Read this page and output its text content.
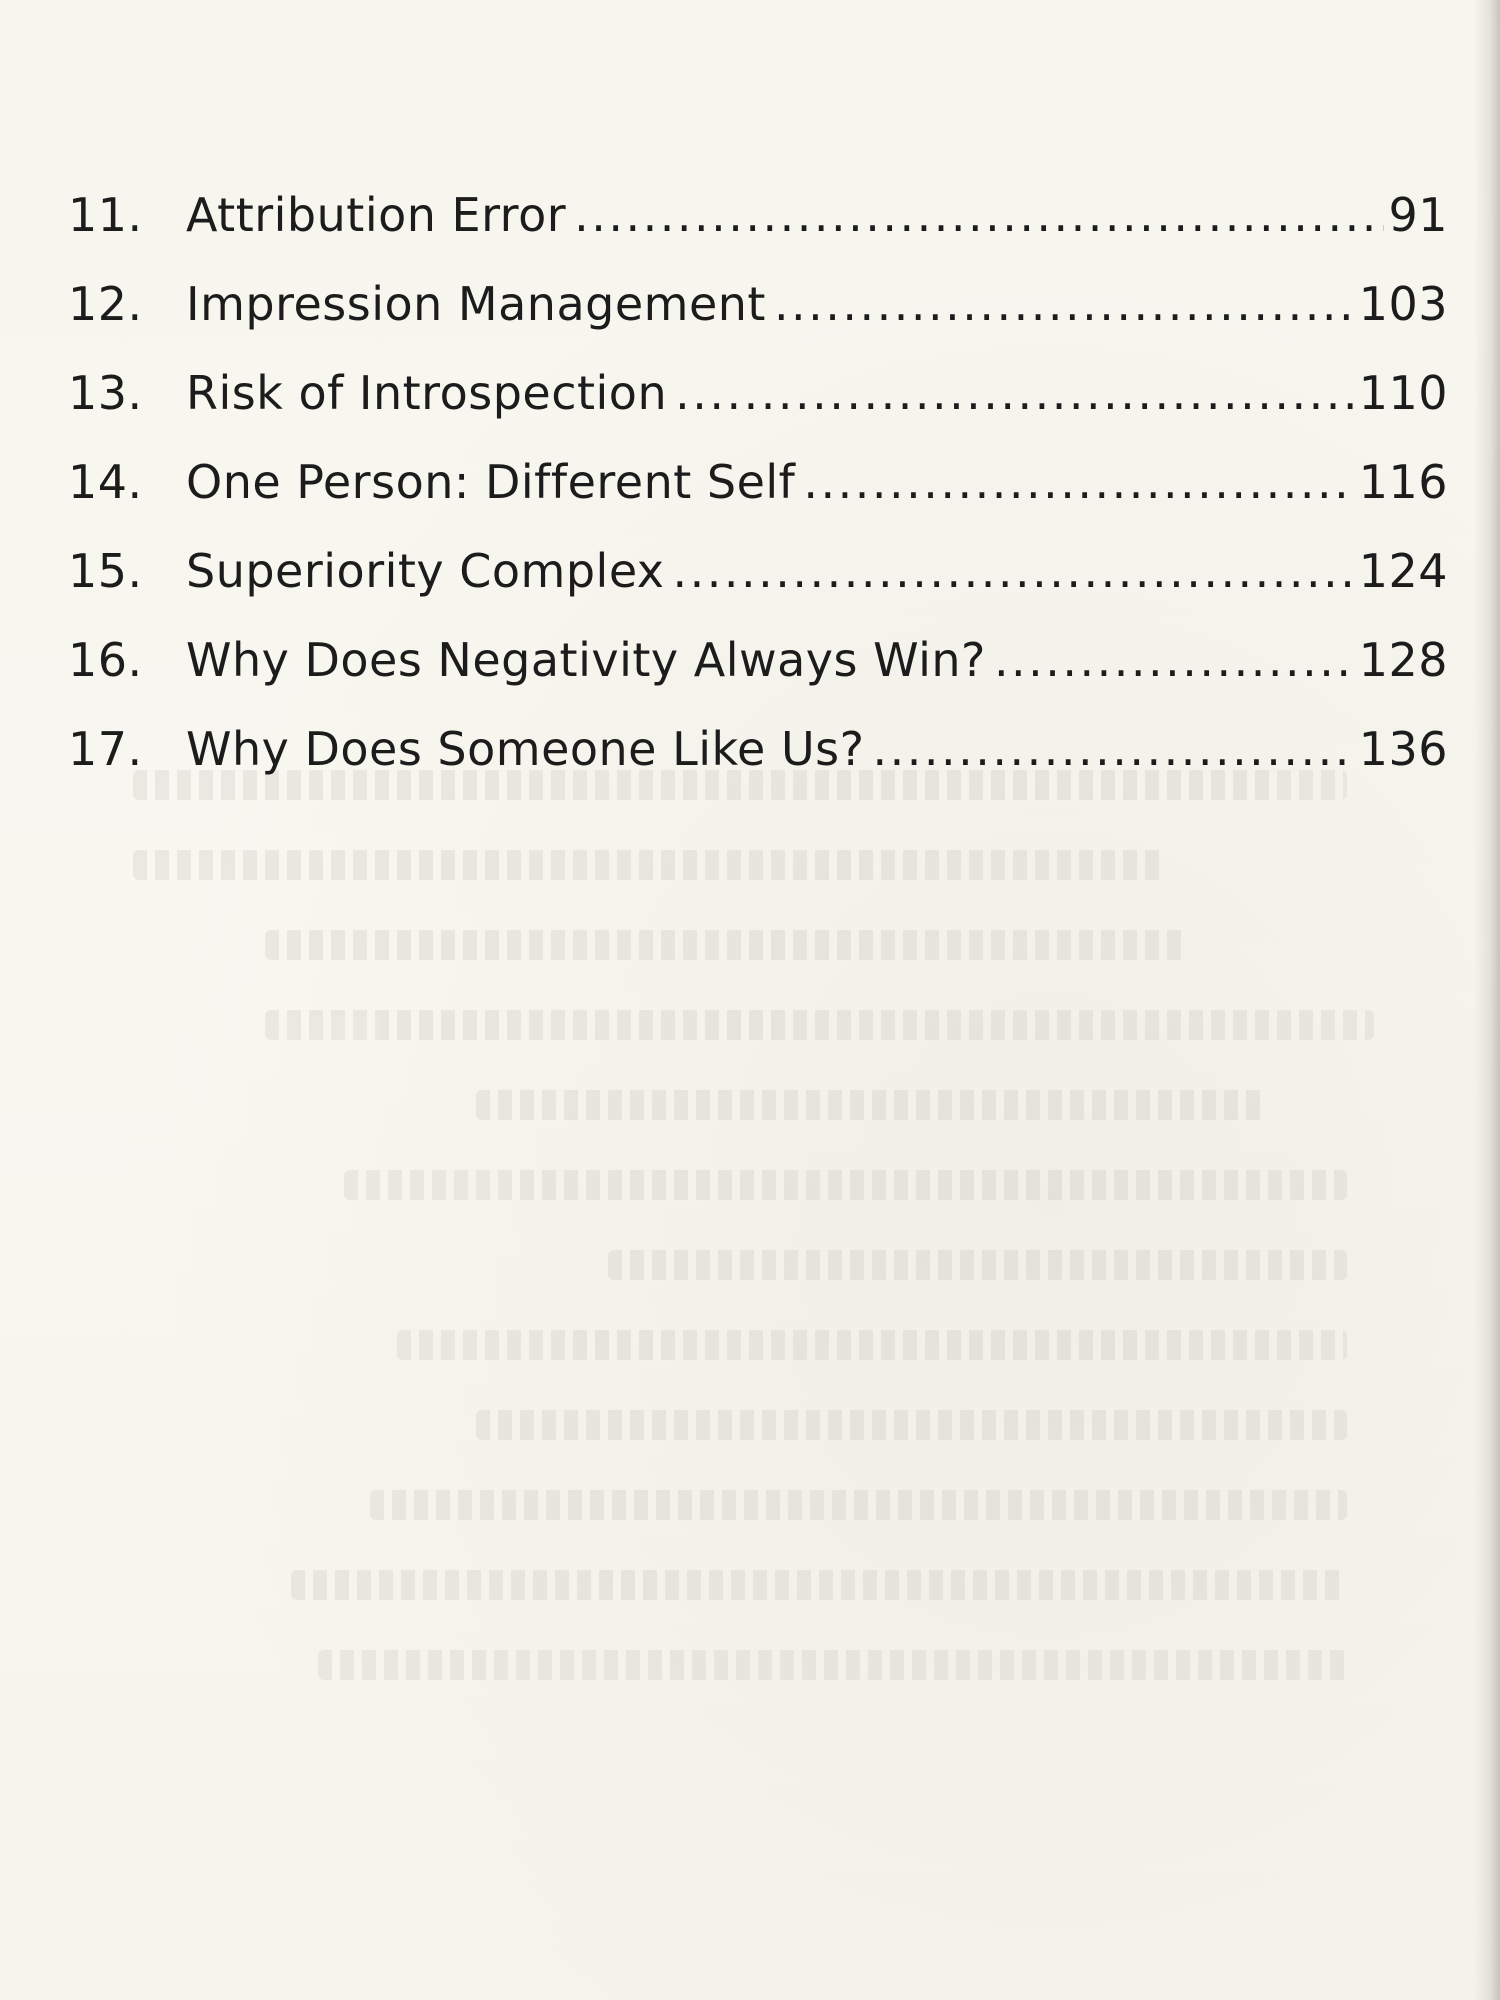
11. Attribution Error .....	91
12. Impression Management .....	103
13. Risk of Introspection .....	110
14. One Person: Different Self .....	116
15. Superiority Complex .....	124
16. Why Does Negativity Always Win? .....	128
17. Why Does Someone Like Us? .....	136
